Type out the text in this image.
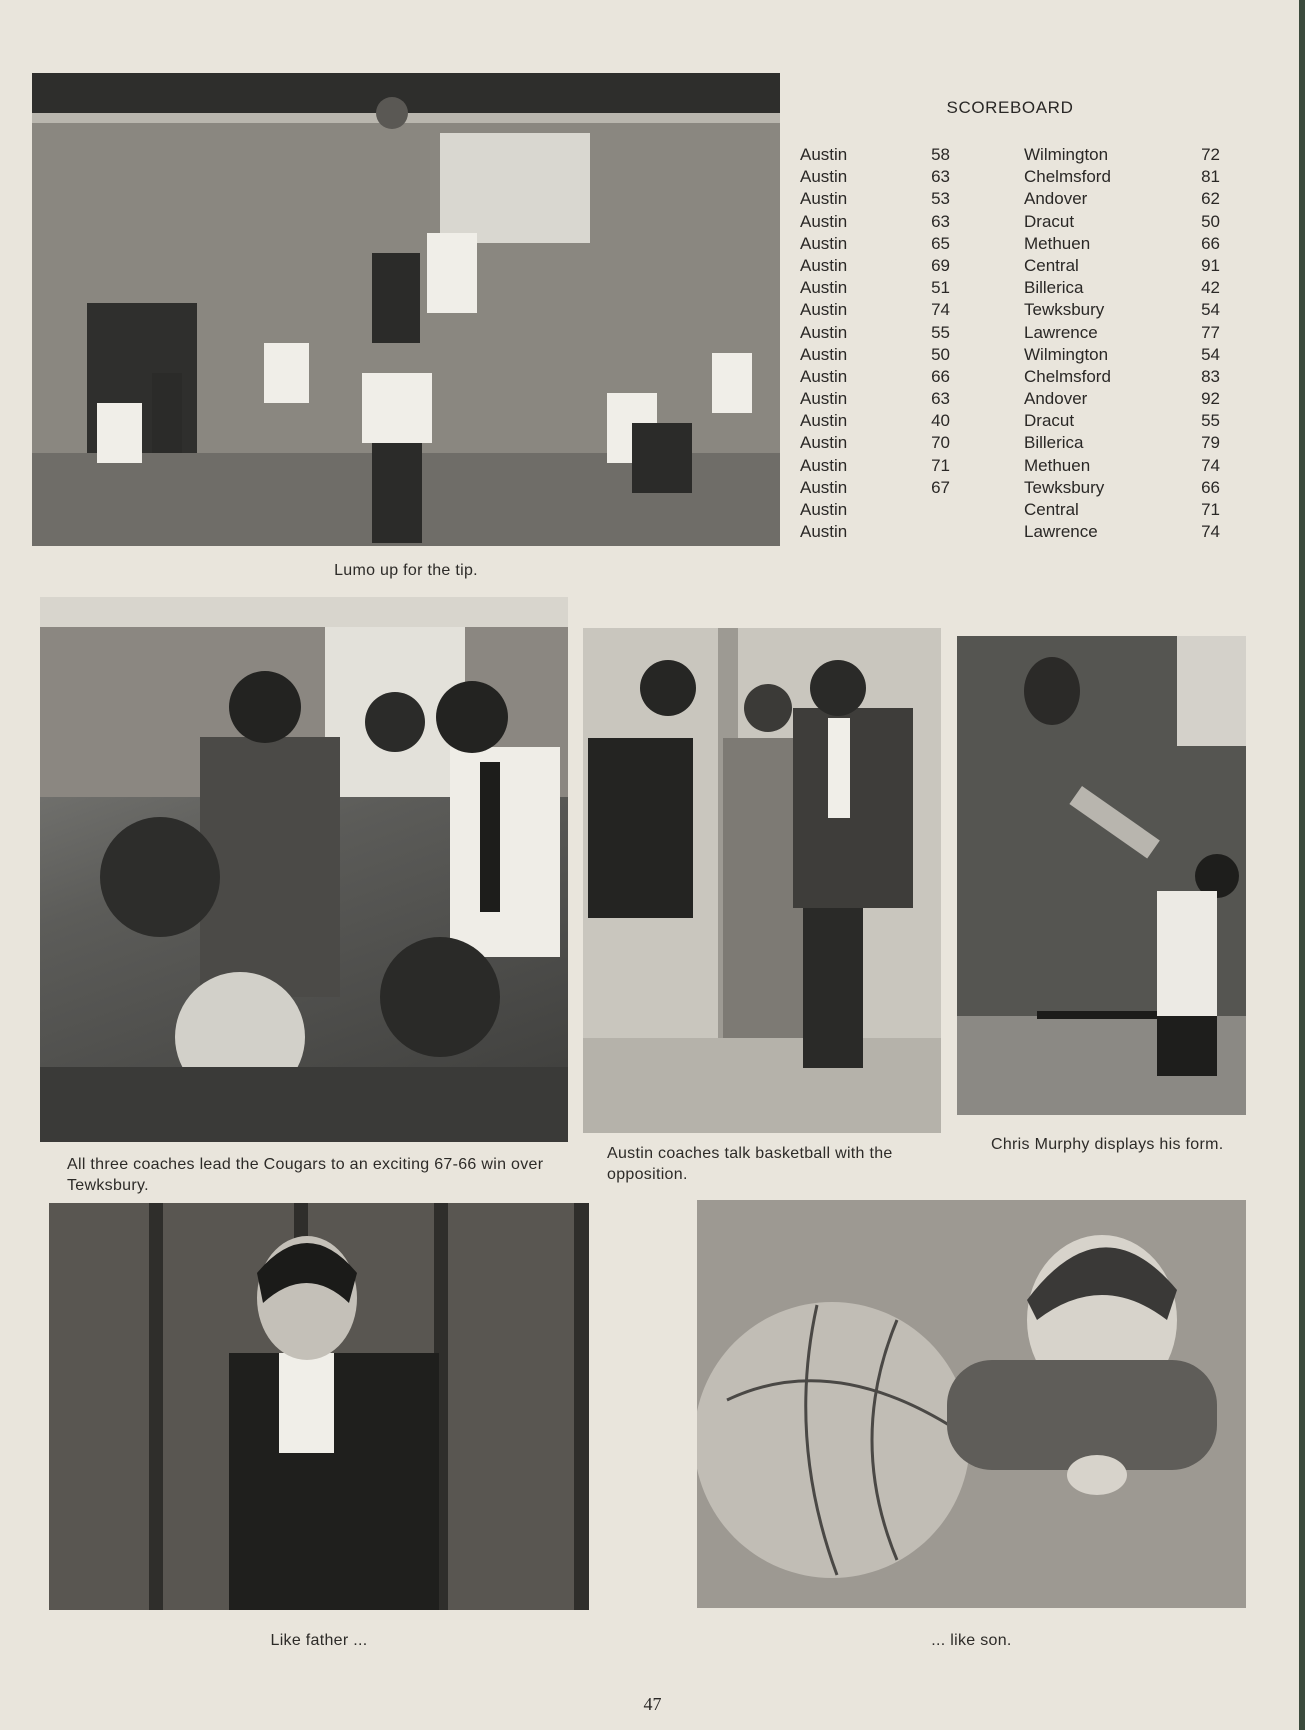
SCOREBOARD
Austin
Austin
Austin
Austin
Austin
Austin
Austin
Austin
Austin
Austin
Austin
Austin
Austin
Austin
Austin
Austin
Austin
Austin
58
63
53
63
65
69
51
74
55
50
66
63
40
70
71
67
Wilmington
Chelmsford
Andover
Dracut
Methuen
Central
Billerica
Tewksbury
Lawrence
Wilmington
Chelmsford
Andover
Dracut
Billerica
Methuen
Tewksbury
Central
Lawrence
72
81
62
50
66
91
42
54
77
54
83
92
55
79
74
66
71
74
Lumo up for the tip.
All three coaches lead the Cougars to an exciting 67-66 win over Tewksbury.
Austin coaches talk basketball with the opposition.
Chris Murphy displays his form.
Like father ...	... like son.
47
